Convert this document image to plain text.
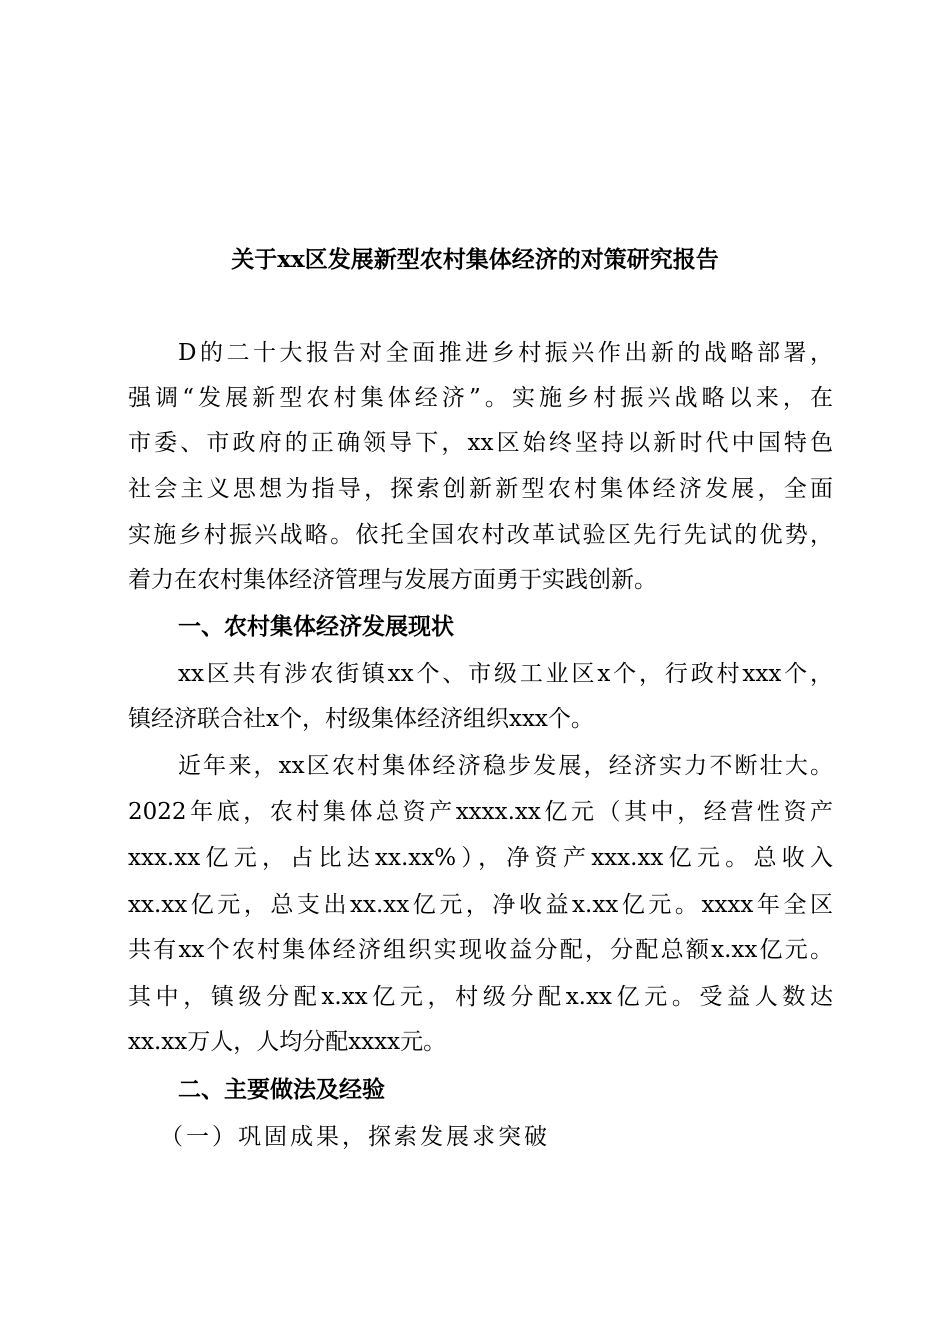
关于xx区发展新型农村集体经济的对策研究报告
D的二十大报告对全面推进乡村振兴作出新的战略部署，
强调“发展新型农村集体经济”。实施乡村振兴战略以来，在
市委、市政府的正确领导下，xx区始终坚持以新时代中国特色
社会主义思想为指导，探索创新新型农村集体经济发展，全面
实施乡村振兴战略。依托全国农村改革试验区先行先试的优势，
着力在农村集体经济管理与发展方面勇于实践创新。
一、农村集体经济发展现状
xx区共有涉农街镇xx个、市级工业区x个，行政村xxx个，
镇经济联合社x个，村级集体经济组织xxx个。
近年来，xx区农村集体经济稳步发展，经济实力不断壮大。
2022年底，农村集体总资产xxxx.xx亿元（其中，经营性资产
xxx.xx亿元，占比达xx.xx%），净资产xxx.xx亿元。总收入
xx.xx亿元，总支出xx.xx亿元，净收益x.xx亿元。xxxx年全区
共有xx个农村集体经济组织实现收益分配，分配总额x.xx亿元。
其中，镇级分配x.xx亿元，村级分配x.xx亿元。受益人数达
xx.xx万人，人均分配xxxx元。
二、主要做法及经验
（一）巩固成果，探索发展求突破
